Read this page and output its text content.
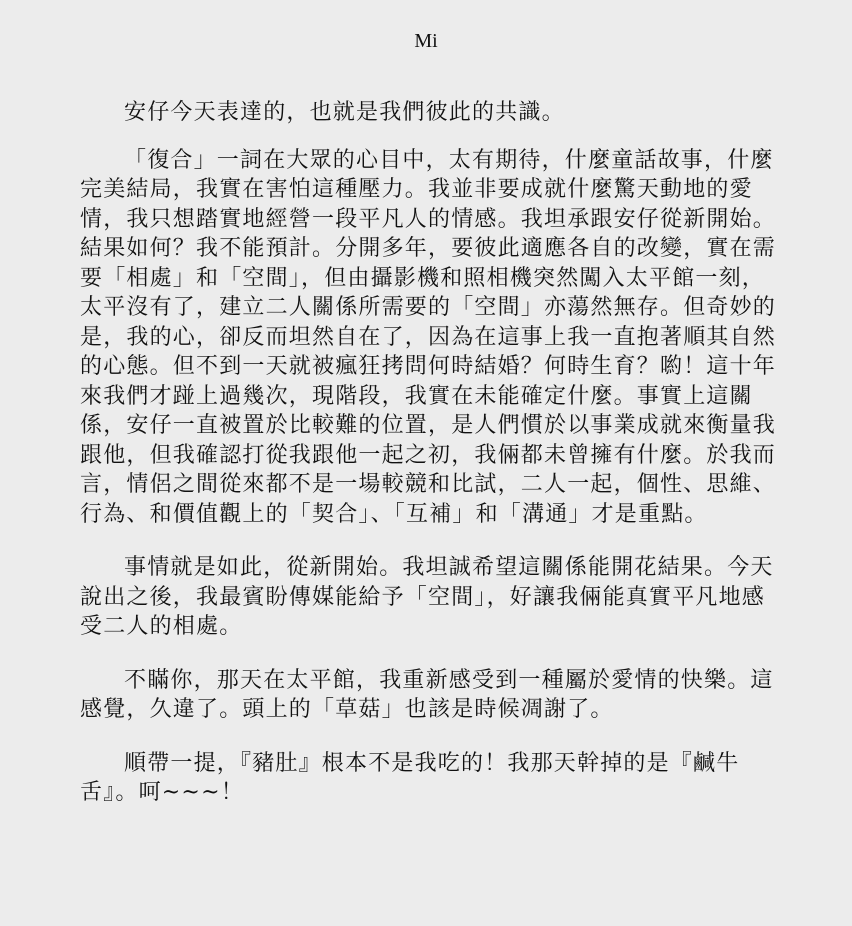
Mi

安仔今天表達的，也就是我們彼此的共識。

「復合」一詞在大眾的心目中，太有期待，什麼童話故事，什麼完美結局，我實在害怕這種壓力。我並非要成就什麼驚天動地的愛情，我只想踏實地經營一段平凡人的情感。我坦承跟安仔從新開始。結果如何？我不能預計。分開多年，要彼此適應各自的改變，實在需要「相處」和「空間」，但由攝影機和照相機突然闖入太平館一刻，太平沒有了，建立二人關係所需要的「空間」亦蕩然無存。但奇妙的是，我的心，卻反而坦然自在了，因為在這事上我一直抱著順其自然的心態。但不到一天就被瘋狂拷問何時結婚？何時生育？喲！這十年來我們才踫上過幾次，現階段，我實在未能確定什麼。事實上這關係，安仔一直被置於比較難的位置，是人們慣於以事業成就來衡量我跟他，但我確認打從我跟他一起之初，我倆都未曾擁有什麼。於我而言，情侶之間從來都不是一場較競和比試，二人一起，個性、思維、行為、和價值觀上的「契合」、「互補」和「溝通」才是重點。

事情就是如此，從新開始。我坦誠希望這關係能開花結果。今天說出之後，我最賓盼傳媒能給予「空間」，好讓我倆能真實平凡地感受二人的相處。

不瞞你，那天在太平館，我重新感受到一種屬於愛情的快樂。這感覺，久違了。頭上的「草菇」也該是時候凋謝了。

順帶一提，『豬肚』根本不是我吃的！我那天幹掉的是『鹹牛舌』。呵~~~！
